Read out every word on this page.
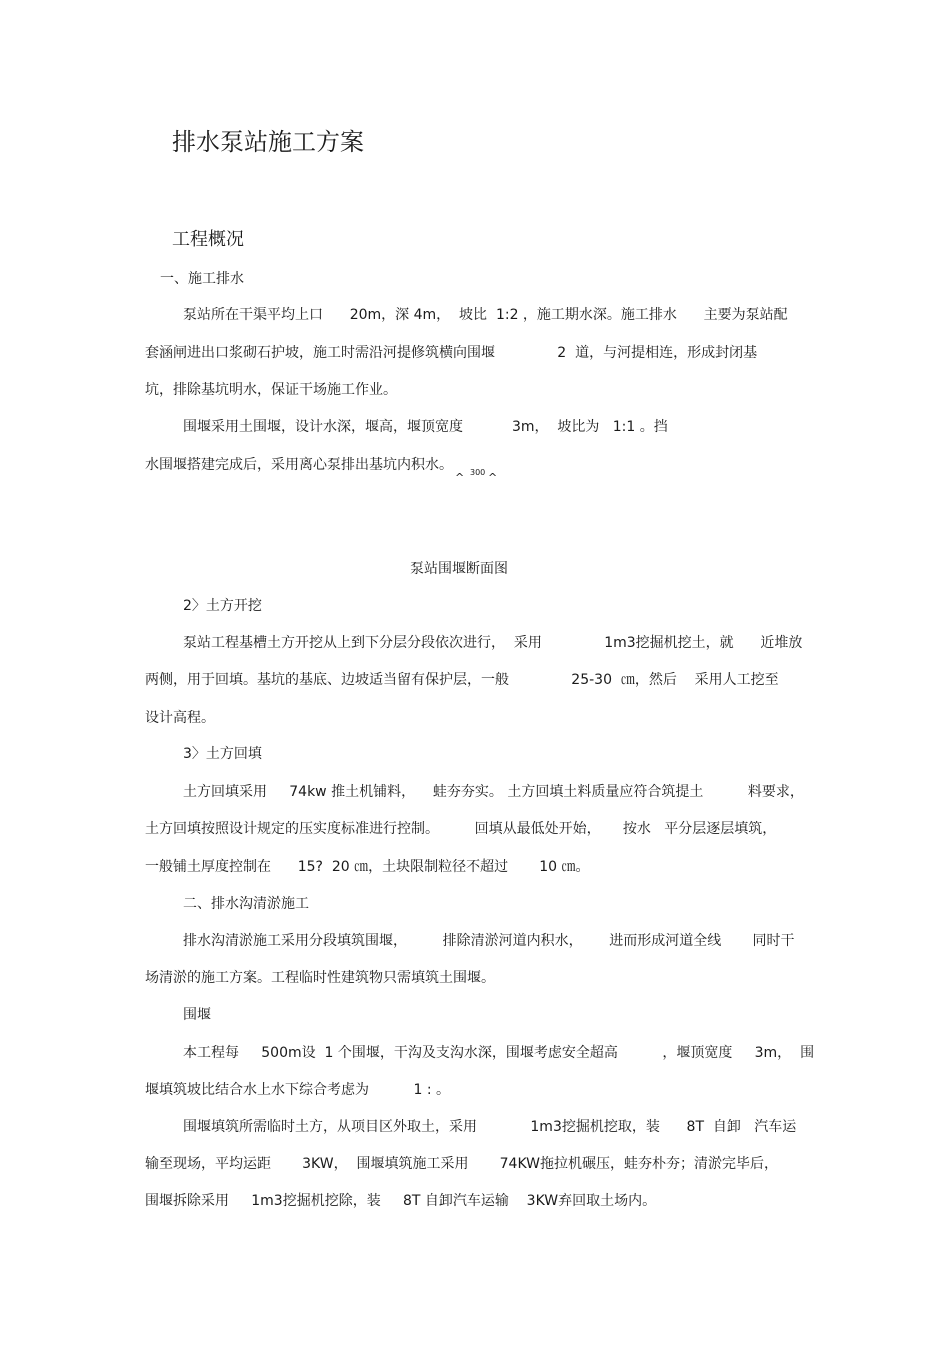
排水泵站施工方案
工程概况
一、施工排水
泵站所在干渠平均上口      20m，深 4m，  坡比  1:2 ，施工期水深。施工排水      主要为泵站配
套涵闸进出口浆砌石护坡，施工时需沿河提修筑横向围堰              2  道，与河提相连，形成封闭基
坑，排除基坑明水，保证干场施工作业。
围堰采用土围堰，设计水深，堰高，堰顶宽度           3m，  坡比为   1:1 。挡
水围堰搭建完成后，采用离心泵排出基坑内积水。
^ 300 ^
泵站围堰断面图
2〉土方开挖
泵站工程基槽土方开挖从上到下分层分段依次进行，  采用              1m3挖掘机挖土，就      近堆放
两侧，用于回填。基坑的基底、边坡适当留有保护层，一般              25-30  ㎝，然后    采用人工挖至
设计高程。
3〉土方回填
土方回填采用     74kw 推土机铺料，    蛙夯夯实。 土方回填土料质量应符合筑提土          料要求，
土方回填按照设计规定的压实度标准进行控制。        回填从最低处开始，     按水   平分层逐层填筑，
一般铺土厚度控制在      15?  20 ㎝，土块限制粒径不超过       10 ㎝。
二、排水沟清淤施工
排水沟清淤施工采用分段填筑围堰，        排除清淤河道内积水，      进而形成河道全线       同时干
场清淤的施工方案。工程临时性建筑物只需填筑土围堰。
围堰
本工程每     500m设  1 个围堰，干沟及支沟水深，围堰考虑安全超高          ，堰顶宽度     3m，  围
堰填筑坡比结合水上水下综合考虑为          1 : 。
围堰填筑所需临时土方，从项目区外取土，采用            1m3挖掘机挖取，装      8T  自卸   汽车运
输至现场，平均运距       3KW，  围堰填筑施工采用       74KW拖拉机碾压，蛙夯朴夯；清淤完毕后，
围堰拆除采用     1m3挖掘机挖除，装     8T 自卸汽车运输    3KW弃回取土场内。
